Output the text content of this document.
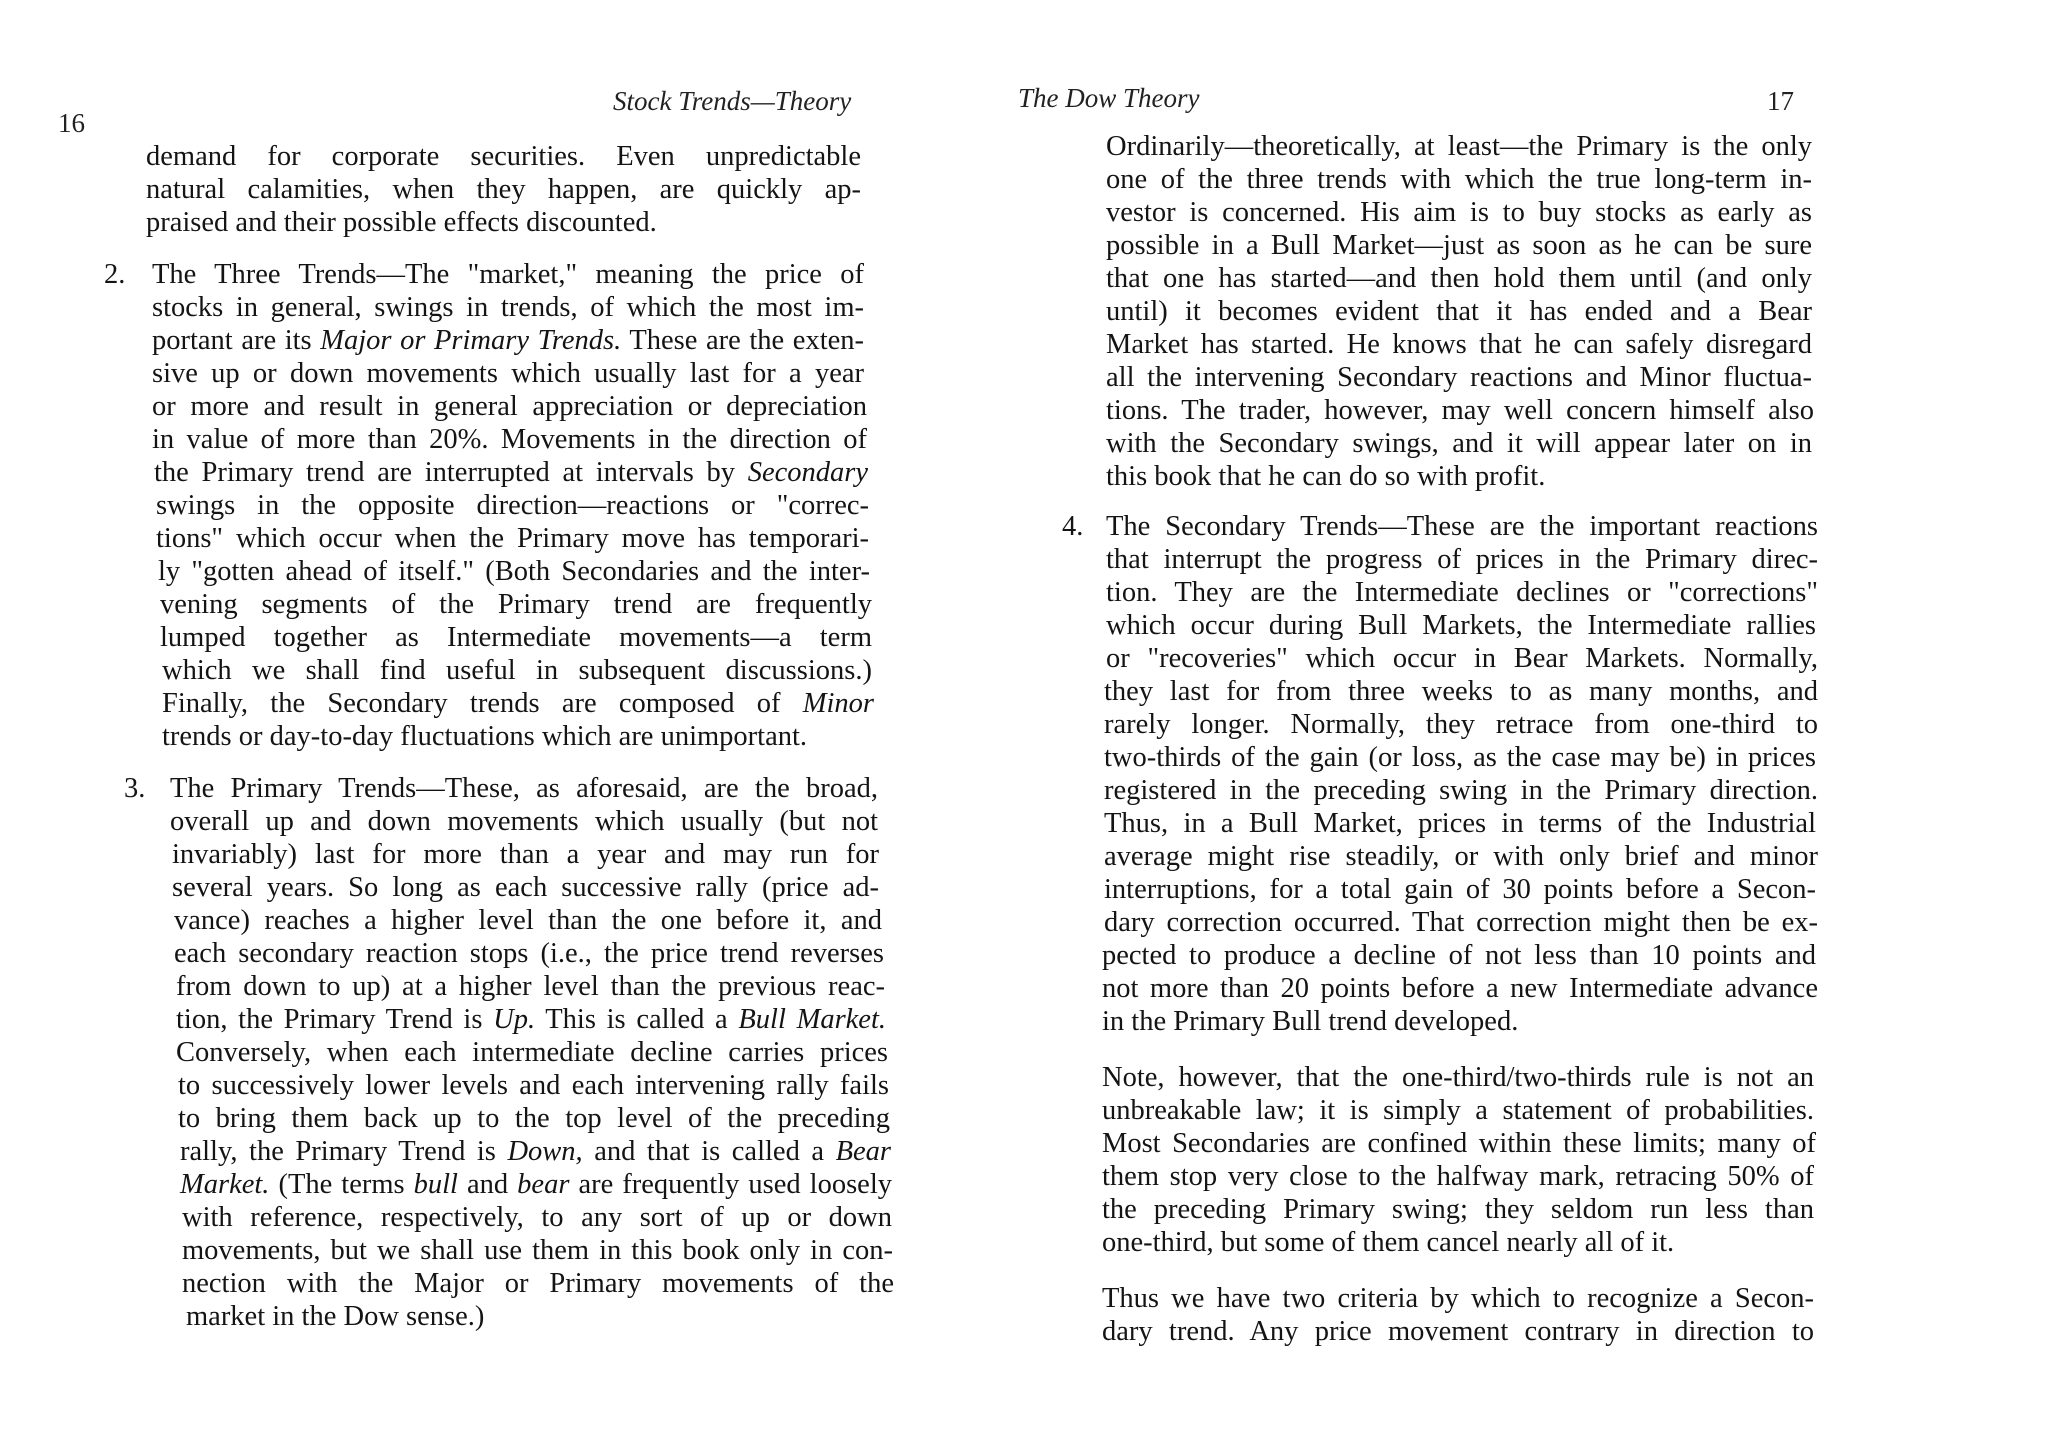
16
Stock Trends—Theory
demand for corporate securities. Even unpredictable
natural calamities, when they happen, are quickly ap-
praised and their possible effects discounted.
The Three Trends—The "market," meaning the price of
stocks in general, swings in trends, of which the most im-
portant are its Major or Primary Trends. These are the exten-
sive up or down movements which usually last for a year
or more and result in general appreciation or depreciation
in value of more than 20%. Movements in the direction of
the Primary trend are interrupted at intervals by Secondary
swings in the opposite direction—reactions or "correc-
tions" which occur when the Primary move has temporari-
ly "gotten ahead of itself." (Both Secondaries and the inter-
vening segments of the Primary trend are frequently
lumped together as Intermediate movements—a term
which we shall find useful in subsequent discussions.)
Finally, the Secondary trends are composed of Minor
trends or day-to-day fluctuations which are unimportant.
The Primary Trends—These, as aforesaid, are the broad,
overall up and down movements which usually (but not
invariably) last for more than a year and may run for
several years. So long as each successive rally (price ad-
vance) reaches a higher level than the one before it, and
each secondary reaction stops (i.e., the price trend reverses
from down to up) at a higher level than the previous reac-
tion, the Primary Trend is Up. This is called a Bull Market.
Conversely, when each intermediate decline carries prices
to successively lower levels and each intervening rally fails
to bring them back up to the top level of the preceding
rally, the Primary Trend is Down, and that is called a Bear
Market. (The terms bull and bear are frequently used loosely
with reference, respectively, to any sort of up or down
movements, but we shall use them in this book only in con-
nection with the Major or Primary movements of the
market in the Dow sense.)
2.
3.
The Dow Theory	17
Ordinarily—theoretically, at least—the Primary is the only
one of the three trends with which the true long-term in-
vestor is concerned. His aim is to buy stocks as early as
possible in a Bull Market—just as soon as he can be sure
that one has started—and then hold them until (and only
until) it becomes evident that it has ended and a Bear
Market has started. He knows that he can safely disregard
all the intervening Secondary reactions and Minor fluctua-
tions. The trader, however, may well concern himself also
with the Secondary swings, and it will appear later on in
this book that he can do so with profit.
The Secondary Trends—These are the important reactions
that interrupt the progress of prices in the Primary direc-
tion. They are the Intermediate declines or "corrections"
which occur during Bull Markets, the Intermediate rallies
or "recoveries" which occur in Bear Markets. Normally,
they last for from three weeks to as many months, and
rarely longer. Normally, they retrace from one-third to
two-thirds of the gain (or loss, as the case may be) in prices
registered in the preceding swing in the Primary direction.
Thus, in a Bull Market, prices in terms of the Industrial
average might rise steadily, or with only brief and minor
interruptions, for a total gain of 30 points before a Secon-
dary correction occurred. That correction might then be ex-
pected to produce a decline of not less than 10 points and
not more than 20 points before a new Intermediate advance
in the Primary Bull trend developed.
Note, however, that the one-third/two-thirds rule is not an
unbreakable law; it is simply a statement of probabilities.
Most Secondaries are confined within these limits; many of
them stop very close to the halfway mark, retracing 50% of
the preceding Primary swing; they seldom run less than
one-third, but some of them cancel nearly all of it.
Thus we have two criteria by which to recognize a Secon-
dary trend. Any price movement contrary in direction to
4.
